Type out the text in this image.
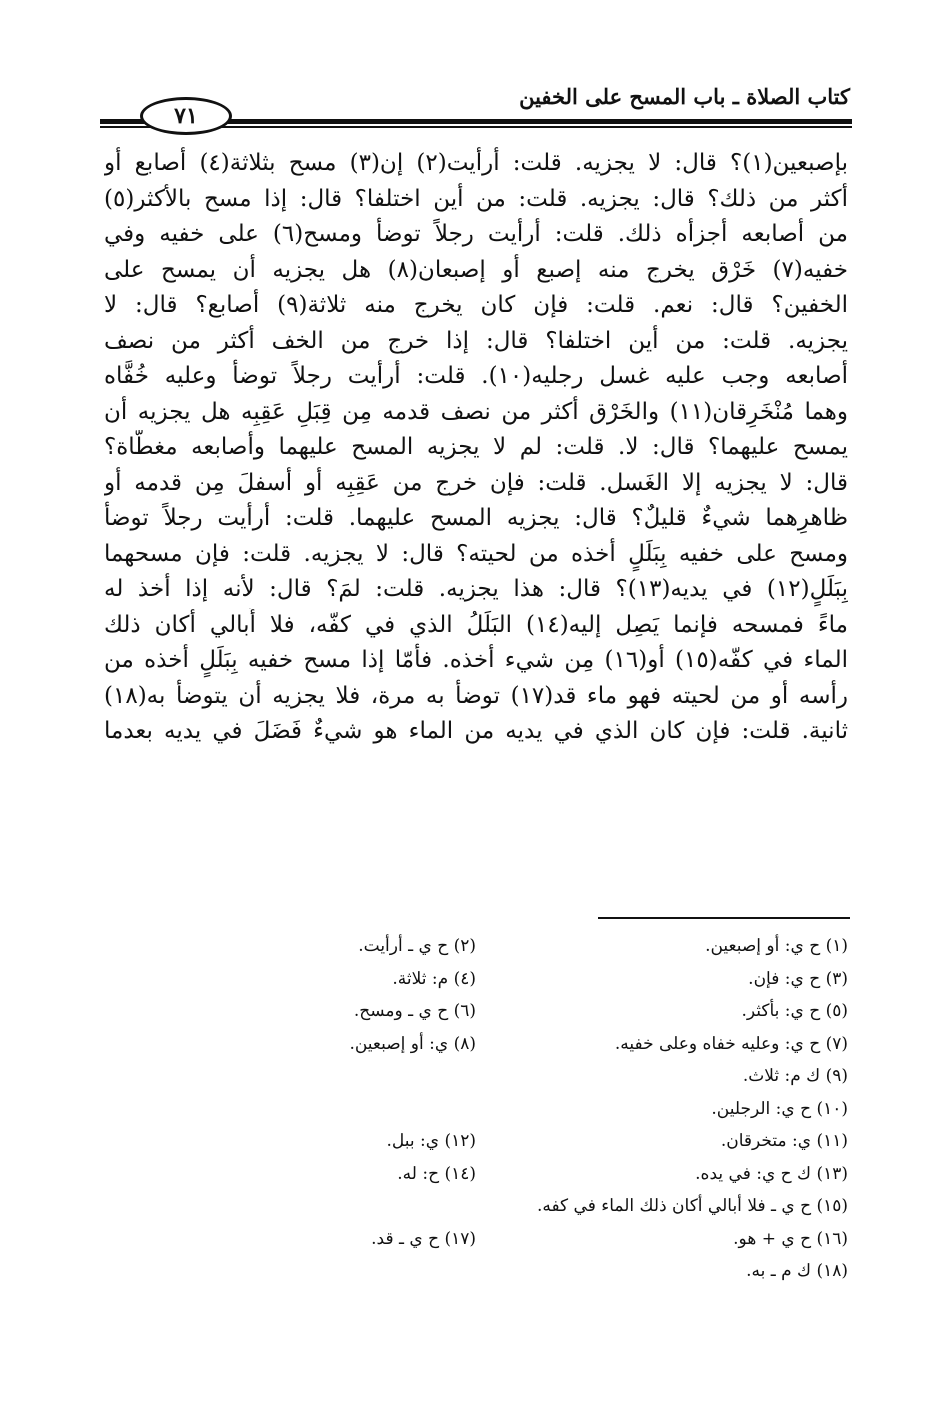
كتاب الصلاة ـ باب المسح على الخفين
٧١
بإصبعين(١)؟ قال: لا يجزيه. قلت: أرأيت(٢) إن(٣) مسح بثلاثة(٤) أصابع أو
أكثر من ذلك؟ قال: يجزيه. قلت: من أين اختلفا؟ قال: إذا مسح بالأكثر(٥)
من أصابعه أجزأه ذلك. قلت: أرأيت رجلاً توضأ ومسح(٦) على خفيه وفي
خفيه(٧) خَرْق يخرج منه إصبع أو إصبعان(٨) هل يجزيه أن يمسح على
الخفين؟ قال: نعم. قلت: فإن كان يخرج منه ثلاثة(٩) أصابع؟ قال: لا
يجزيه. قلت: من أين اختلفا؟ قال: إذا خرج من الخف أكثر من نصف
أصابعه وجب عليه غسل رجليه(١٠). قلت: أرأيت رجلاً توضأ وعليه خُفَّاه
وهما مُنْخَرِقان(١١) والخَرْق أكثر من نصف قدمه مِن قِبَلِ عَقِبِه هل يجزيه أن
يمسح عليهما؟ قال: لا. قلت: لم لا يجزيه المسح عليهما وأصابعه مغطّاة؟
قال: لا يجزيه إلا الغَسل. قلت: فإن خرج من عَقِبِه أو أسفلَ مِن قدمه أو
ظاهرِهما شيءٌ قليلٌ؟ قال: يجزيه المسح عليهما. قلت: أرأيت رجلاً توضأ
ومسح على خفيه بِبَلَلٍ أخذه من لحيته؟ قال: لا يجزيه. قلت: فإن مسحهما
بِبَلَلٍ(١٢) في يديه(١٣)؟ قال: هذا يجزيه. قلت: لمَ؟ قال: لأنه إذا أخذ له
ماءً فمسحه فإنما يَصِل إليه(١٤) البَلَلُ الذي في كفّه، فلا أُبالي أكان ذلك
الماء في كفّه(١٥) أو(١٦) مِن شيء أخذه. فأمّا إذا مسح خفيه بِبَلَلٍ أخذه من
رأسه أو من لحيته فهو ماء قد(١٧) توضأ به مرة، فلا يجزيه أن يتوضأ به(١٨)
ثانية. قلت: فإن كان الذي في يديه من الماء هو شيءٌ فَضَلَ في يديه بعدما
(١) ح ي: أو إصبعين.
(٢) ح ي ـ أرأيت.
(٣) ح ي: فإن.
(٤) م: ثلاثة.
(٥) ح ي: بأكثر.
(٦) ح ي ـ ومسح.
(٧) ح ي: وعليه خفاه وعلى خفيه.
(٨) ي: أو إصبعين.
(٩) ك م: ثلاث.
(١٠) ح ي: الرجلين.
(١١) ي: متخرقان.
(١٢) ي: ببل.
(١٣) ك ح ي: في يده.
(١٤) ح: له.
(١٥) ح ي ـ فلا أبالي أكان ذلك الماء في كفه.
(١٦) ح ي + هو.
(١٧) ح ي ـ قد.
(١٨) ك م ـ به.
